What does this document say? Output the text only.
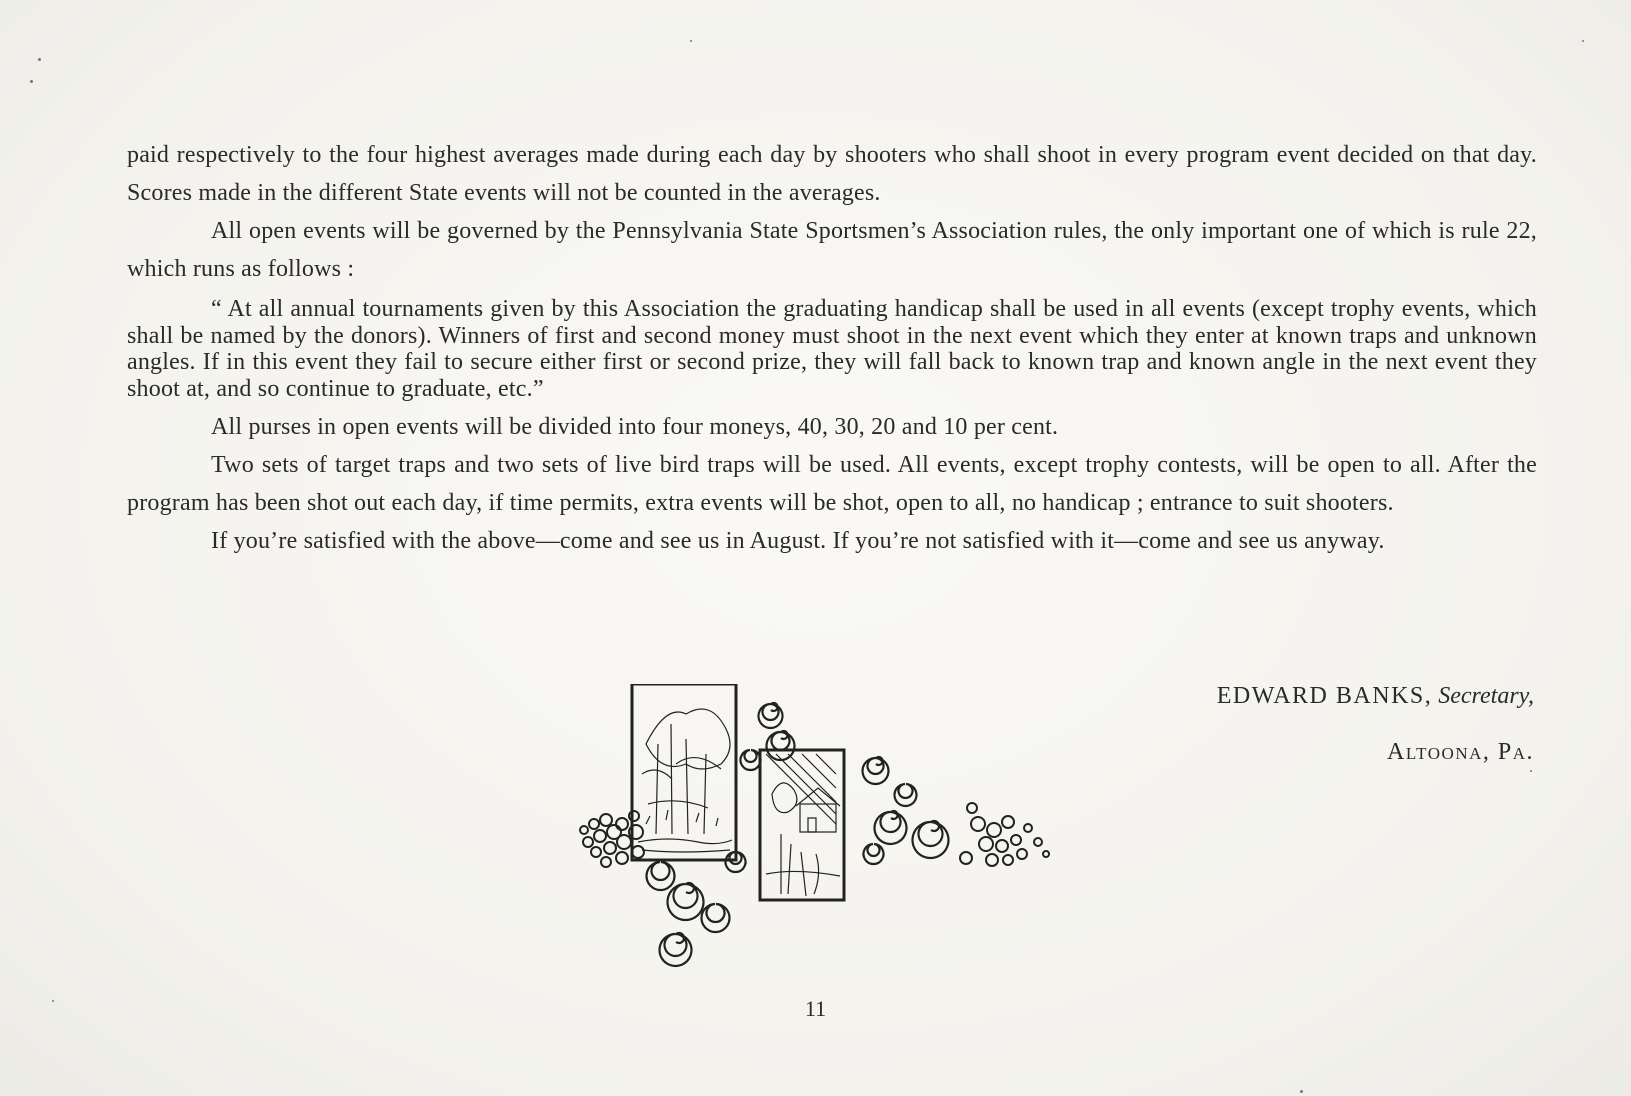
paid respectively to the four highest averages made during each day by shooters who shall shoot in every program event decided on that day. Scores made in the different State events will not be counted in the averages.

All open events will be governed by the Pennsylvania State Sportsmen’s Association rules, the only important one of which is rule 22, which runs as follows :

“ At all annual tournaments given by this Association the graduating handicap shall be used in all events (except trophy events, which shall be named by the donors). Winners of first and second money must shoot in the next event which they enter at known traps and unknown angles. If in this event they fail to secure either first or second prize, they will fall back to known trap and known angle in the next event they shoot at, and so continue to graduate, etc.”

All purses in open events will be divided into four moneys, 40, 30, 20 and 10 per cent.

Two sets of target traps and two sets of live bird traps will be used. All events, except trophy contests, will be open to all. After the program has been shot out each day, if time permits, extra events will be shot, open to all, no handicap ; entrance to suit shooters.

If you’re satisfied with the above—come and see us in August. If you’re not satisfied with it—come and see us anyway.

EDWARD BANKS, Secretary,
Altoona, Pa.
11
